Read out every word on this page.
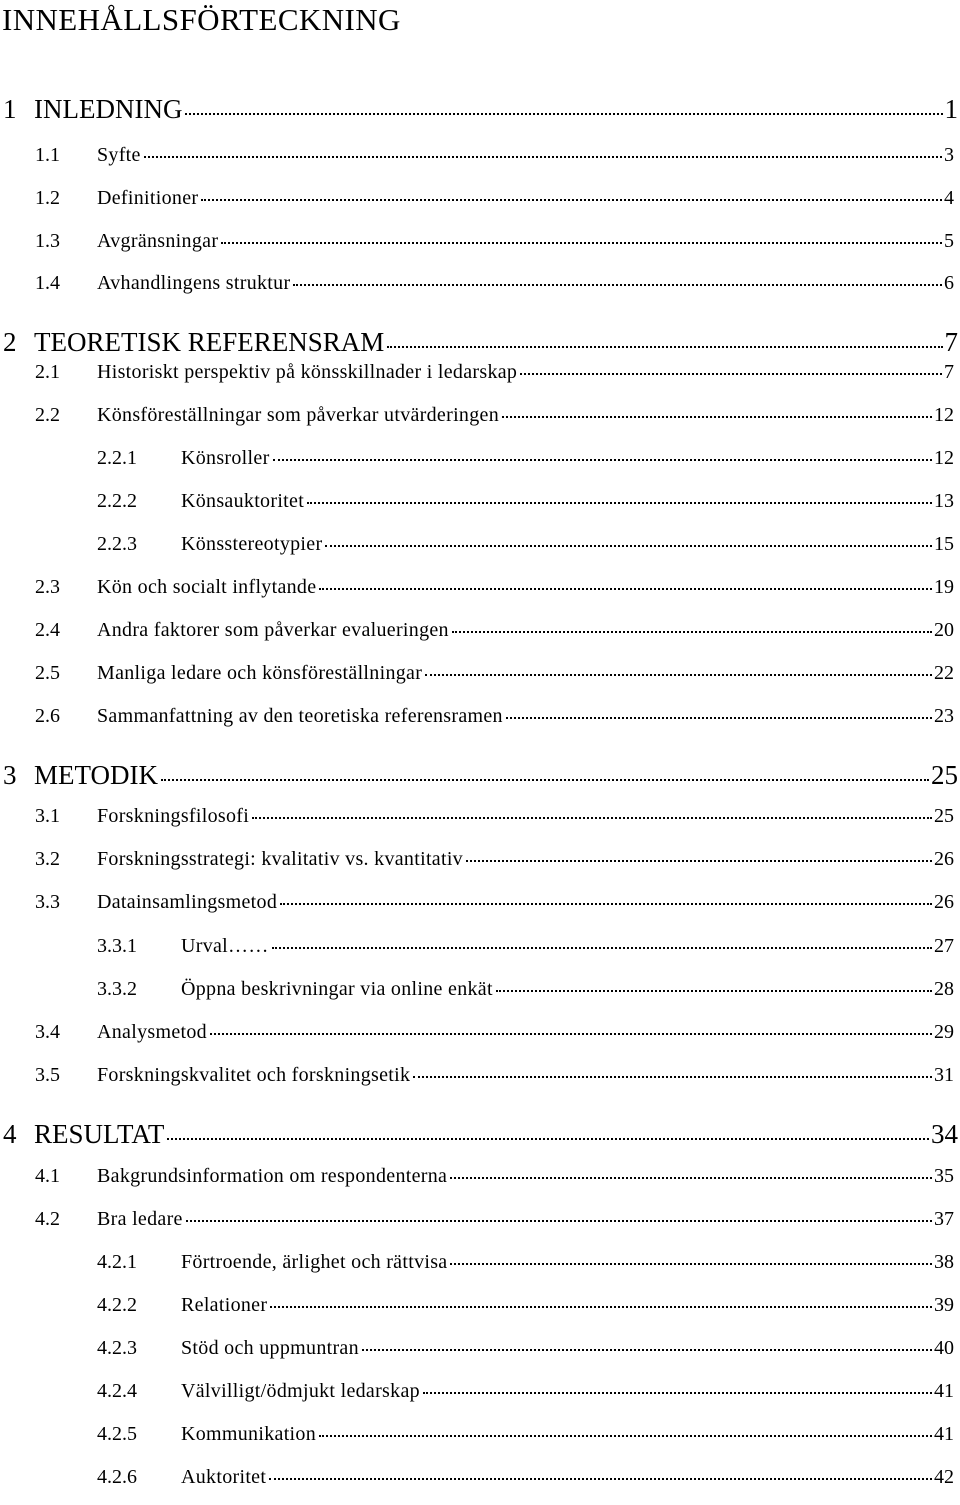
INNEHÅLLSFÖRTECKNING
1 INLEDNING	1
1.1 Syfte	3
1.2 Definitioner	4
1.3 Avgränsningar	5
1.4 Avhandlingens struktur	6
2 TEORETISK REFERENSRAM	7
2.1 Historiskt perspektiv på könsskillnader i ledarskap	7
2.2 Könsföreställningar som påverkar utvärderingen	12
2.2.1 Könsroller	12
2.2.2 Könsauktoritet	13
2.2.3 Könsstereotypier	15
2.3 Kön och socialt inflytande	19
2.4 Andra faktorer som påverkar evalueringen	20
2.5 Manliga ledare och könsföreställningar	22
2.6 Sammanfattning av den teoretiska referensramen	23
3 METODIK	25
3.1 Forskningsfilosofi	25
3.2 Forskningsstrategi: kvalitativ vs. kvantitativ	26
3.3 Datainsamlingsmetod	26
3.3.1 Urval……	27
3.3.2 Öppna beskrivningar via online enkät	28
3.4 Analysmetod	29
3.5 Forskningskvalitet och forskningsetik	31
4 RESULTAT	34
4.1 Bakgrundsinformation om respondenterna	35
4.2 Bra ledare	37
4.2.1 Förtroende, ärlighet och rättvisa	38
4.2.2 Relationer	39
4.2.3 Stöd och uppmuntran	40
4.2.4 Välvilligt/ödmjukt ledarskap	41
4.2.5 Kommunikation	41
4.2.6 Auktoritet	42
